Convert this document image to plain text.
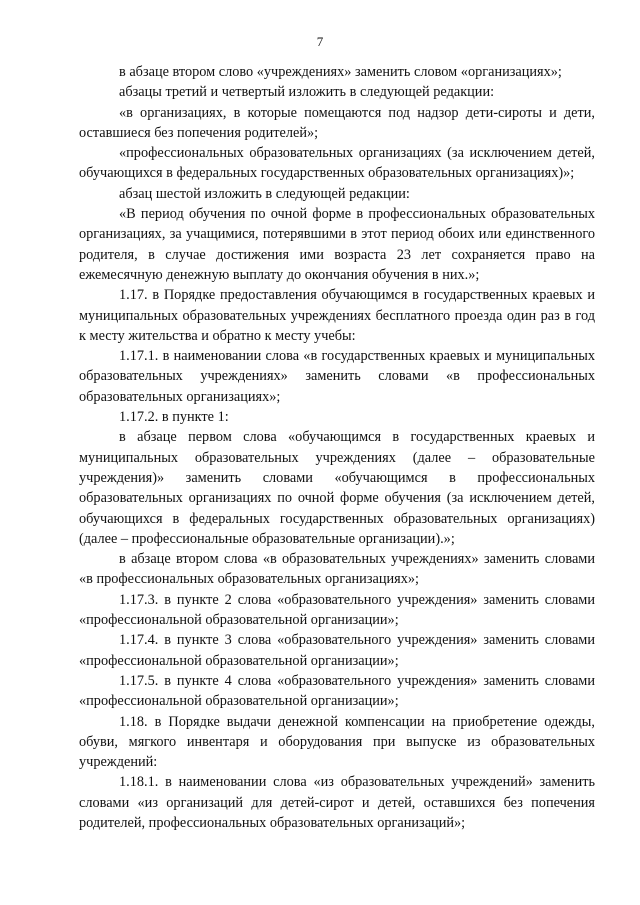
7

в абзаце втором слово «учреждениях» заменить словом «организациях»;

абзацы третий и четвертый изложить в следующей редакции:

«в организациях, в которые помещаются под надзор дети-сироты и дети, оставшиеся без попечения родителей»;

«профессиональных образовательных организациях (за исключением детей, обучающихся в федеральных государственных образовательных организациях)»;

абзац шестой изложить в следующей редакции:

«В период обучения по очной форме в профессиональных образовательных организациях, за учащимися, потерявшими в этот период обоих или единственного родителя, в случае достижения ими возраста 23 лет сохраняется право на ежемесячную денежную выплату до окончания обучения в них.»;

1.17. в Порядке предоставления обучающимся в государственных краевых и муниципальных образовательных учреждениях бесплатного проезда один раз в год к месту жительства и обратно к месту учебы:

1.17.1. в наименовании слова «в государственных краевых и муниципальных образовательных учреждениях» заменить словами «в профессиональных образовательных организациях»;

1.17.2. в пункте 1:

в абзаце первом слова «обучающимся в государственных краевых и муниципальных образовательных учреждениях (далее – образовательные учреждения)» заменить словами «обучающимся в профессиональных образовательных организациях по очной форме обучения (за исключением детей, обучающихся в федеральных государственных образовательных организациях) (далее – профессиональные образовательные организации).»;

в абзаце втором слова «в образовательных учреждениях» заменить словами «в профессиональных образовательных организациях»;

1.17.3. в пункте 2 слова «образовательного учреждения» заменить словами «профессиональной образовательной организации»;

1.17.4. в пункте 3 слова «образовательного учреждения» заменить словами «профессиональной образовательной организации»;

1.17.5. в пункте 4 слова «образовательного учреждения» заменить словами «профессиональной образовательной организации»;

1.18. в Порядке выдачи денежной компенсации на приобретение одежды, обуви, мягкого инвентаря и оборудования при выпуске из образовательных учреждений:

1.18.1. в наименовании слова «из образовательных учреждений» заменить словами «из организаций для детей-сирот и детей, оставшихся без попечения родителей, профессиональных образовательных организаций»;
